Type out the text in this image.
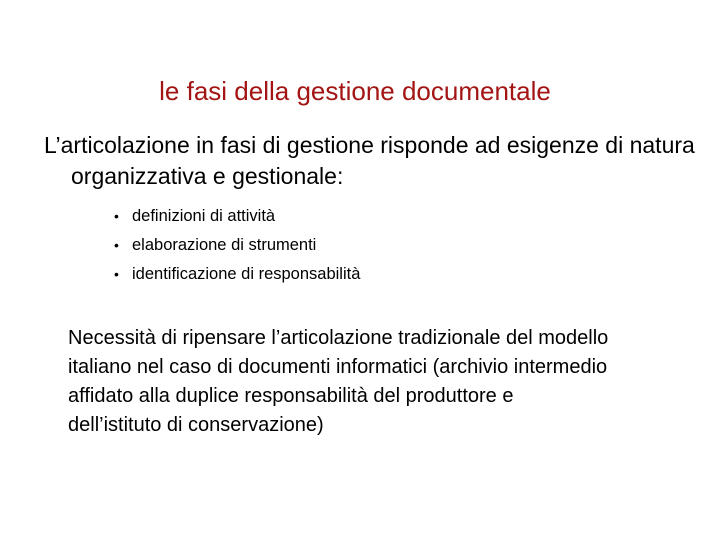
le fasi della gestione documentale
L’articolazione in fasi di gestione risponde ad esigenze di natura organizzativa e gestionale:
• definizioni di attività
• elaborazione di strumenti
• identificazione di responsabilità

Necessità di ripensare l’articolazione tradizionale del modello

italiano nel caso di documenti informatici (archivio intermedio

affidato alla duplice responsabilità del produttore e

dell’istituto di conservazione)
